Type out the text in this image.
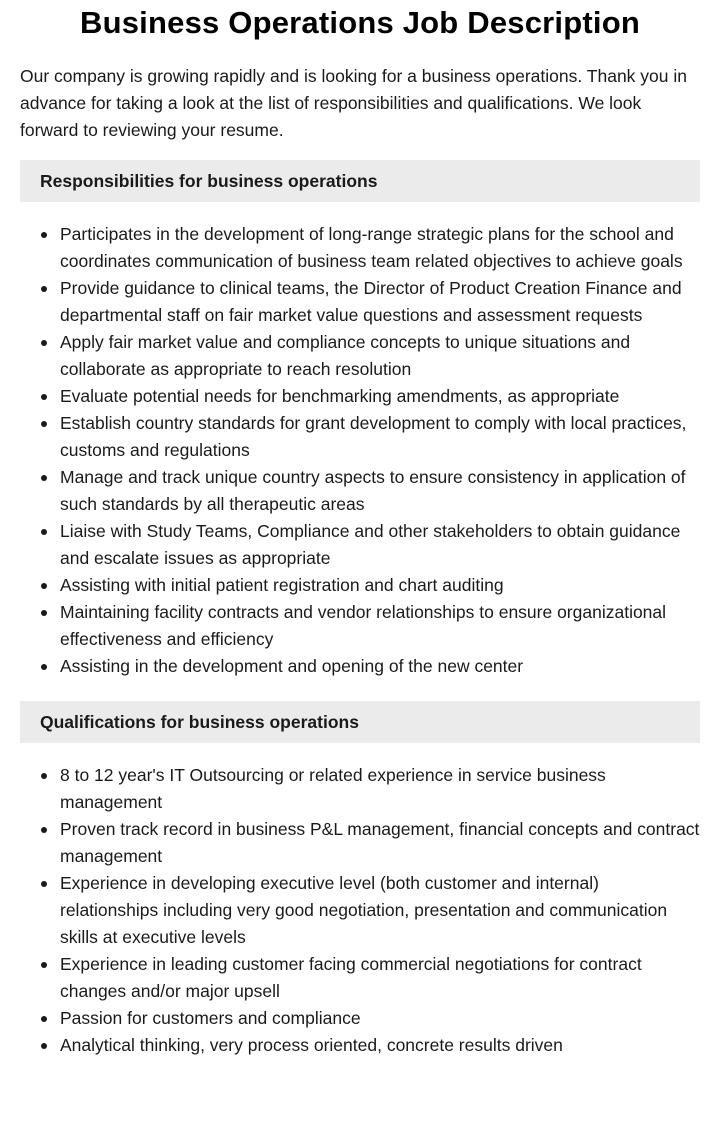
Business Operations Job Description

Our company is growing rapidly and is looking for a business operations. Thank you in advance for taking a look at the list of responsibilities and qualifications. We look forward to reviewing your resume.

Responsibilities for business operations
Participates in the development of long-range strategic plans for the school and coordinates communication of business team related objectives to achieve goals
Provide guidance to clinical teams, the Director of Product Creation Finance and departmental staff on fair market value questions and assessment requests
Apply fair market value and compliance concepts to unique situations and collaborate as appropriate to reach resolution
Evaluate potential needs for benchmarking amendments, as appropriate
Establish country standards for grant development to comply with local practices, customs and regulations
Manage and track unique country aspects to ensure consistency in application of such standards by all therapeutic areas
Liaise with Study Teams, Compliance and other stakeholders to obtain guidance and escalate issues as appropriate
Assisting with initial patient registration and chart auditing
Maintaining facility contracts and vendor relationships to ensure organizational effectiveness and efficiency
Assisting in the development and opening of the new center
Qualifications for business operations
8 to 12 year's IT Outsourcing or related experience in service business management
Proven track record in business P&L management, financial concepts and contract management
Experience in developing executive level (both customer and internal) relationships including very good negotiation, presentation and communication skills at executive levels
Experience in leading customer facing commercial negotiations for contract changes and/or major upsell
Passion for customers and compliance
Analytical thinking, very process oriented, concrete results driven
